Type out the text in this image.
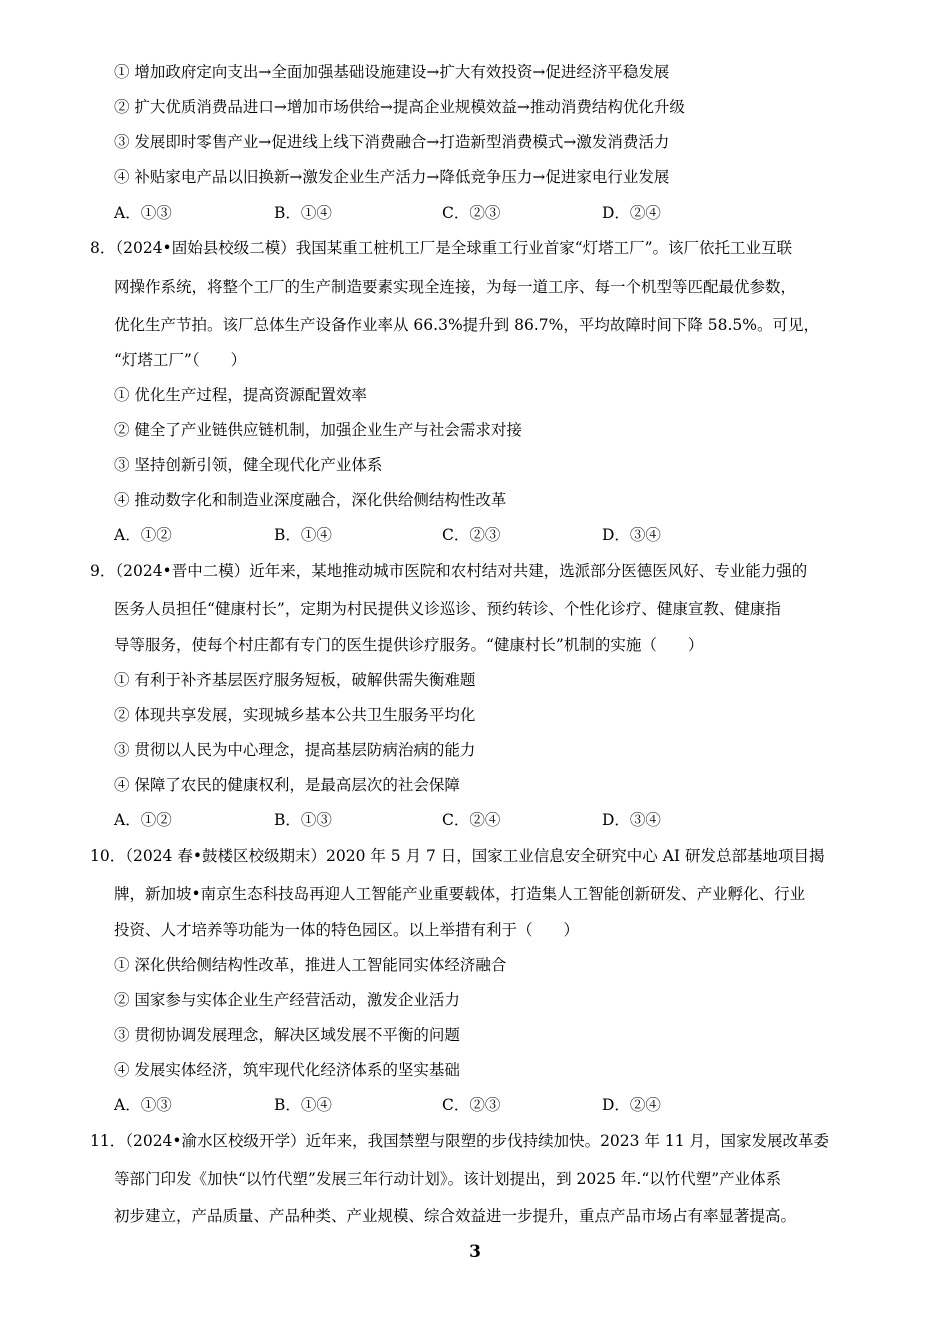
① 增加政府定向支出→全面加强基础设施建设→扩大有效投资→促进经济平稳发展
② 扩大优质消费品进口→增加市场供给→提高企业规模效益→推动消费结构优化升级
③ 发展即时零售产业→促进线上线下消费融合→打造新型消费模式→激发消费活力
④ 补贴家电产品以旧换新→激发企业生产活力→降低竞争压力→促进家电行业发展
A．①③	B．①④	C．②③	D．②④
8．（2024•固始县校级二模）我国某重工桩机工厂是全球重工行业首家“灯塔工厂”。该厂依托工业互联
网操作系统，将整个工厂的生产制造要素实现全连接，为每一道工序、每一个机型等匹配最优参数，
优化生产节拍。该厂总体生产设备作业率从 66.3%提升到 86.7%，平均故障时间下降 58.5%。可见，
“灯塔工厂”（　　）
① 优化生产过程，提高资源配置效率
② 健全了产业链供应链机制，加强企业生产与社会需求对接
③ 坚持创新引领，健全现代化产业体系
④ 推动数字化和制造业深度融合，深化供给侧结构性改革
A．①②	B．①④	C．②③	D．③④
9．（2024•晋中二模）近年来，某地推动城市医院和农村结对共建，选派部分医德医风好、专业能力强的
医务人员担任“健康村长”，定期为村民提供义诊巡诊、预约转诊、个性化诊疗、健康宣教、健康指
导等服务，使每个村庄都有专门的医生提供诊疗服务。“健康村长”机制的实施（　　）
① 有利于补齐基层医疗服务短板，破解供需失衡难题
② 体现共享发展，实现城乡基本公共卫生服务平均化
③ 贯彻以人民为中心理念，提高基层防病治病的能力
④ 保障了农民的健康权利，是最高层次的社会保障
A．①②	B．①③	C．②④	D．③④
10．（2024 春•鼓楼区校级期末）2020 年 5 月 7 日，国家工业信息安全研究中心 AI 研发总部基地项目揭
牌，新加坡•南京生态科技岛再迎人工智能产业重要载体，打造集人工智能创新研发、产业孵化、行业
投资、人才培养等功能为一体的特色园区。以上举措有利于（　　）
① 深化供给侧结构性改革，推进人工智能同实体经济融合
② 国家参与实体企业生产经营活动，激发企业活力
③ 贯彻协调发展理念，解决区域发展不平衡的问题
④ 发展实体经济，筑牢现代化经济体系的坚实基础
A．①③	B．①④	C．②③	D．②④
11．（2024•渝水区校级开学）近年来，我国禁塑与限塑的步伐持续加快。2023 年 11 月，国家发展改革委
等部门印发《加快“以竹代塑”发展三年行动计划》。该计划提出，到 2025 年.“以竹代塑”产业体系
初步建立，产品质量、产品种类、产业规模、综合效益进一步提升，重点产品市场占有率显著提高。
3
